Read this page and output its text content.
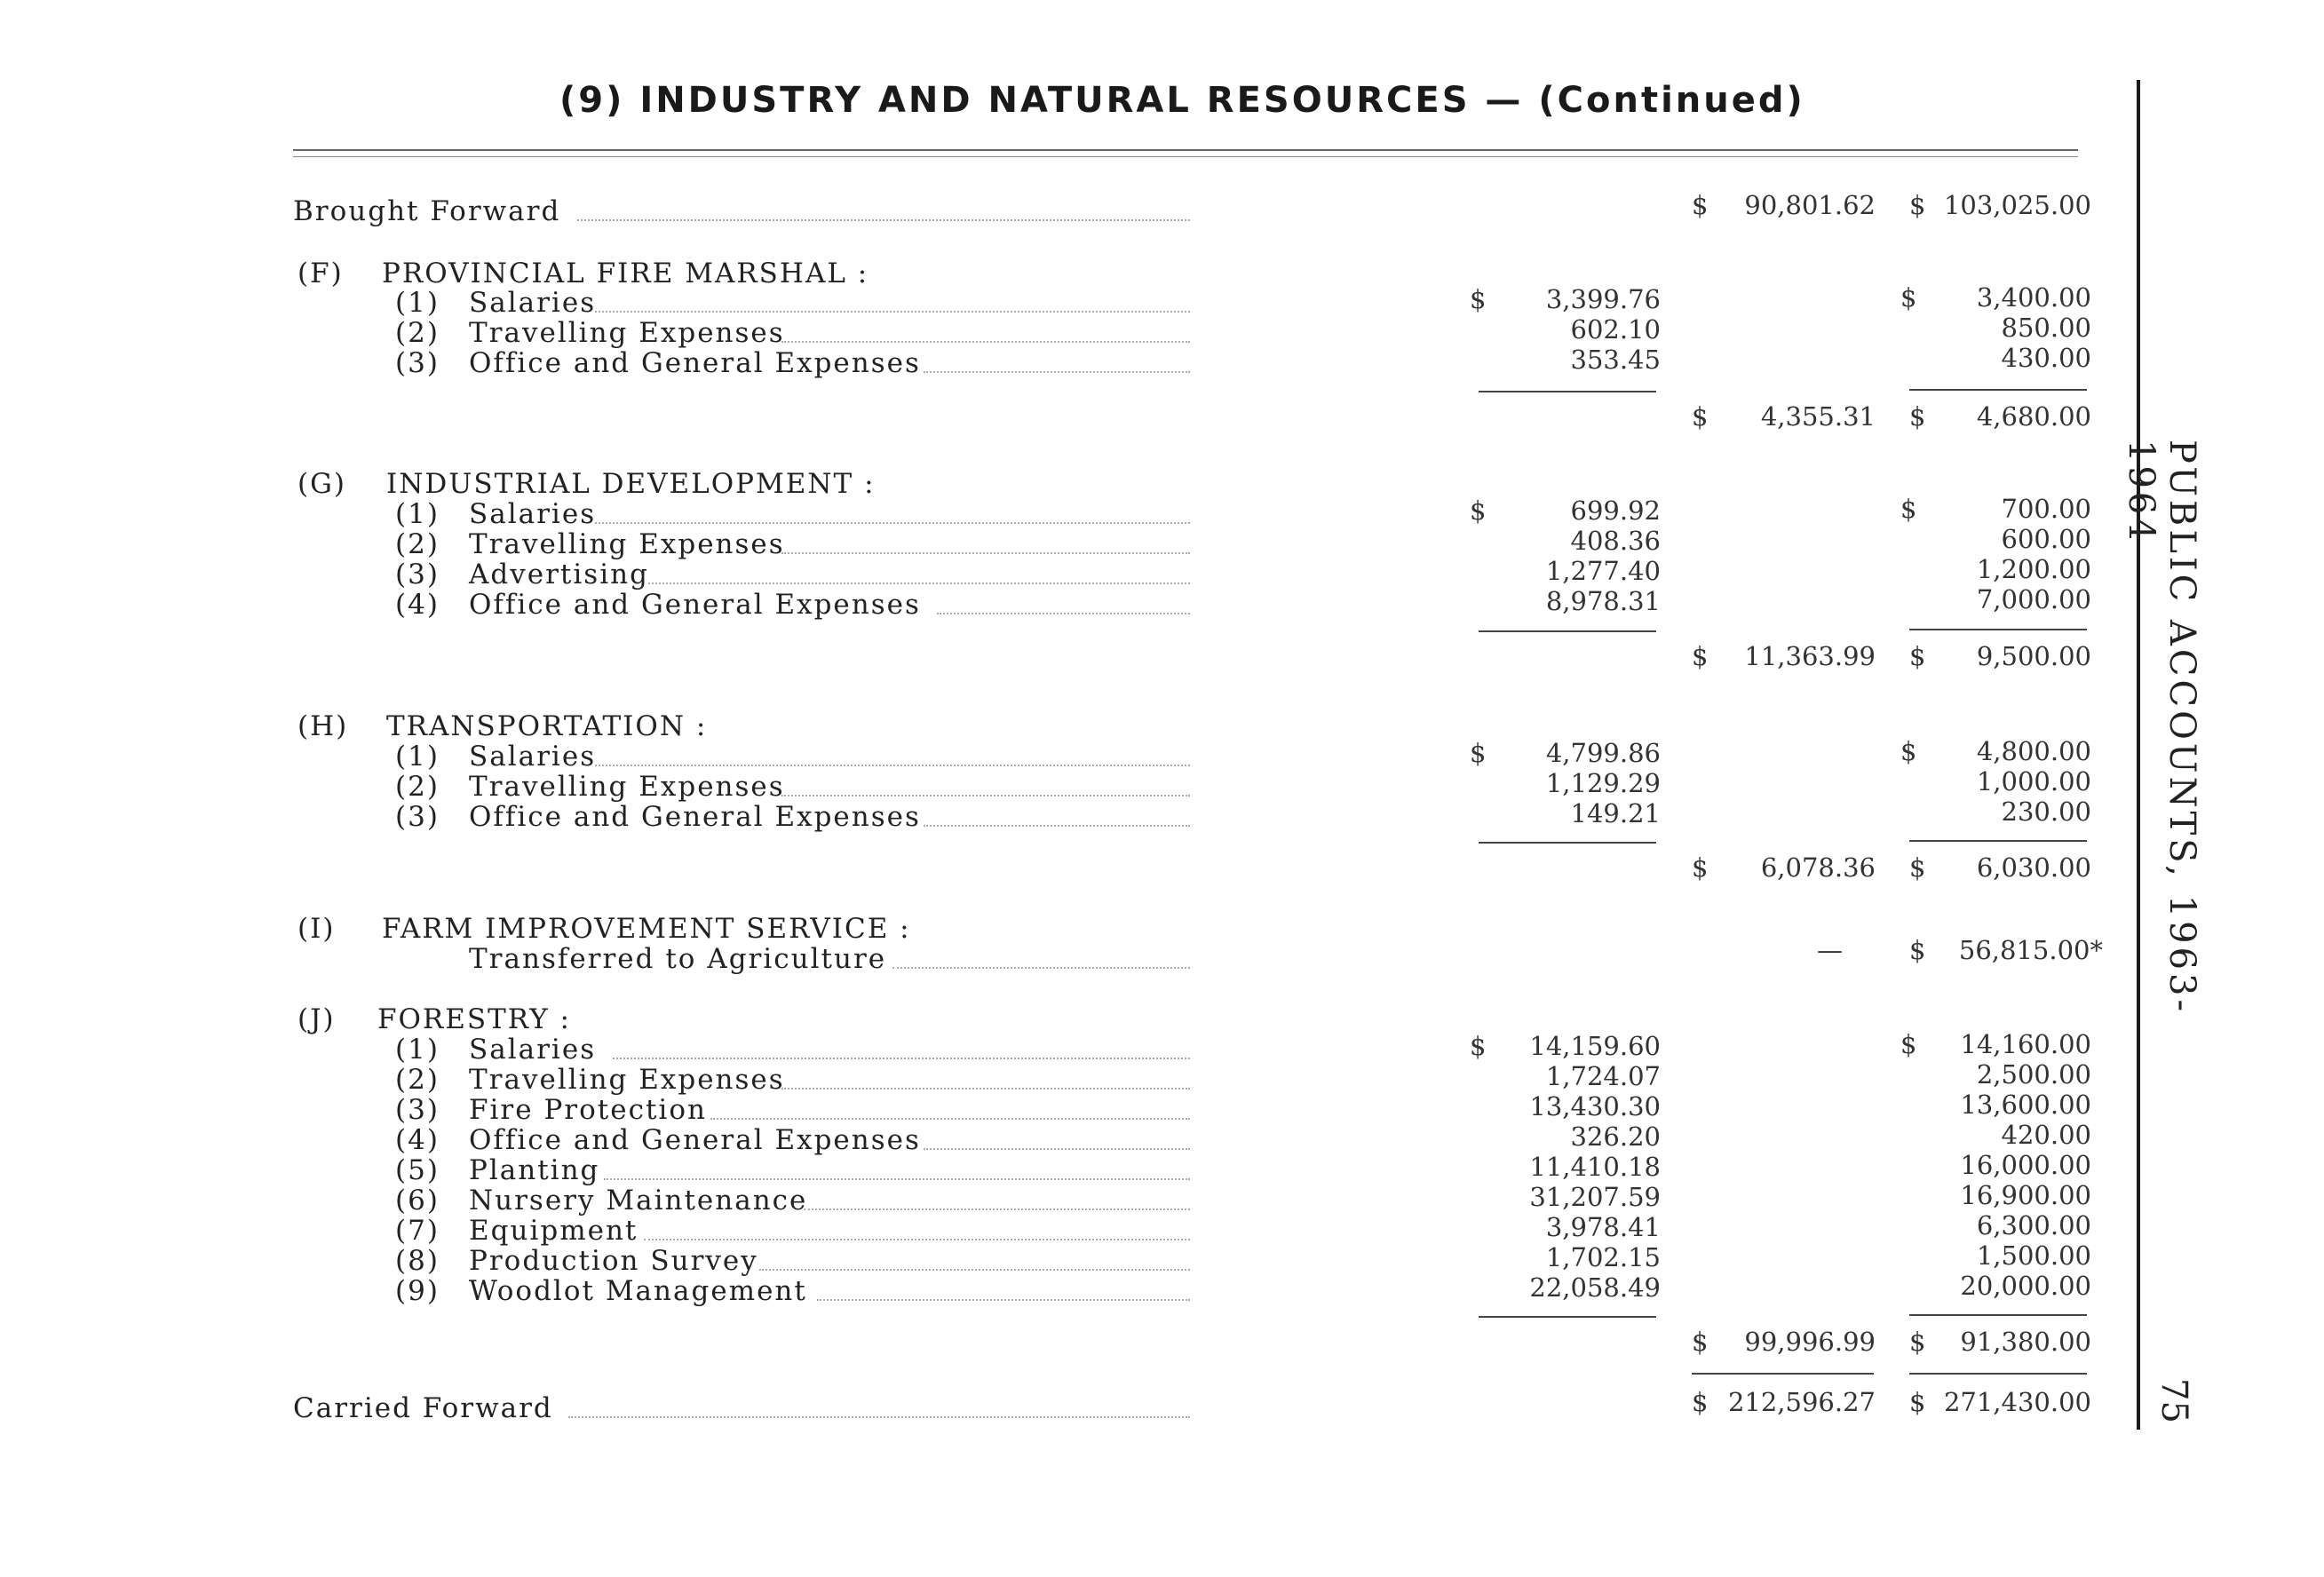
(9) INDUSTRY AND NATURAL RESOURCES — (Continued)
PUBLIC ACCOUNTS, 1963-1964
75
Brought Forward	$	90,801.62 $ 103,025.00
(F) PROVINCIAL FIRE MARSHAL :
(1) Salaries	$	3,399.76	$	3,400.00
(2) Travelling Expenses	602.10	850.00
(3) Office and General Expenses	353.45	430.00
$	4,355.31 $	4,680.00
(G) INDUSTRIAL DEVELOPMENT :
(1) Salaries	$	699.92	$	700.00
(2) Travelling Expenses	408.36	600.00
(3) Advertising	1,277.40	1,200.00
(4) Office and General Expenses	8,978.31	7,000.00
$	11,363.99 $	9,500.00
(H) TRANSPORTATION :
(1) Salaries	$	4,799.86	$	4,800.00
(2) Travelling Expenses	1,129.29	1,000.00
(3) Office and General Expenses	149.21	230.00
$	6,078.36 $	6,030.00
(I) FARM IMPROVEMENT SERVICE :
Transferred to Agriculture	—	$	56,815.00*
(J) FORESTRY :
(1) Salaries	$	14,159.60	$	14,160.00
(2) Travelling Expenses	1,724.07	2,500.00
(3) Fire Protection	13,430.30	13,600.00
(4) Office and General Expenses	326.20	420.00
(5) Planting	11,410.18	16,000.00
(6) Nursery Maintenance	31,207.59	16,900.00
(7) Equipment	3,978.41	6,300.00
(8) Production Survey	1,702.15	1,500.00
(9) Woodlot Management	22,058.49	20,000.00
$	99,996.99 $	91,380.00
Carried Forward	$ 212,596.27 $ 271,430.00
